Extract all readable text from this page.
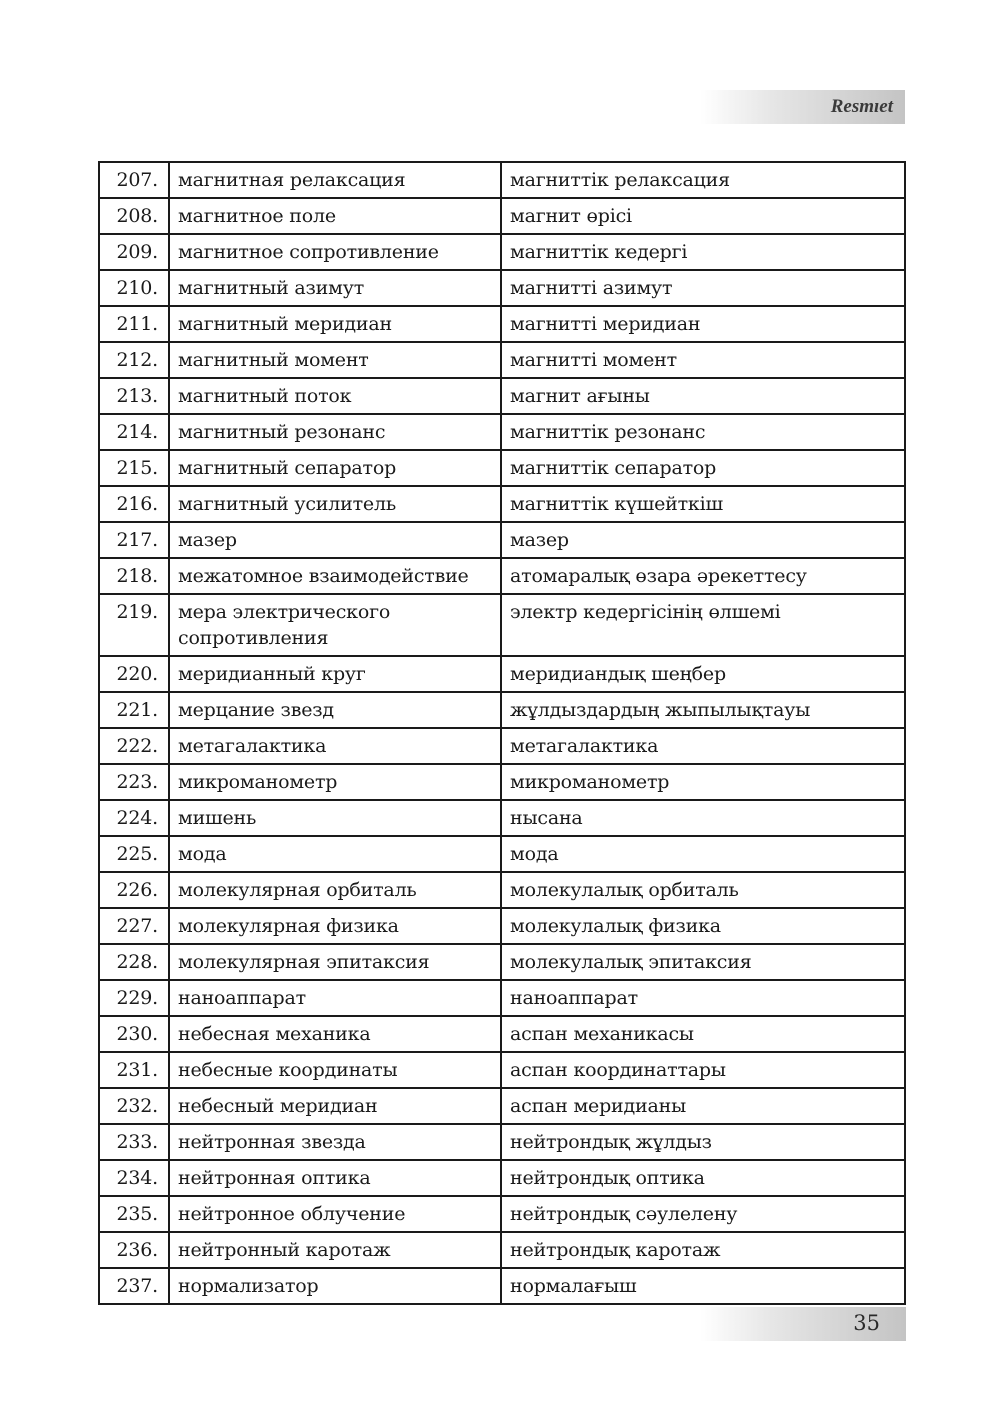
Resmıet
207.	магнитная релаксация	магниттік релаксация
208.	магнитное поле	магнит өрісі
209.	магнитное сопротивление	магниттік кедергі
210.	магнитный азимут	магнитті азимут
211.	магнитный меридиан	магнитті меридиан
212.	магнитный момент	магнитті момент
213.	магнитный поток	магнит ағыны
214.	магнитный резонанс	магниттік резонанс
215.	магнитный сепаратор	магниттік сепаратор
216.	магнитный усилитель	магниттік күшейткіш
217.	мазер	мазер
218.	межатомное взаимодействие	атомаралық өзара әрекеттесу
219.	мера электрического сопротивления	электр кедергісінің өлшемі
220.	меридианный круг	меридиандық шеңбер
221.	мерцание звезд	жұлдыздардың жыпылықтауы
222.	метагалактика	метагалактика
223.	микроманометр	микроманометр
224.	мишень	нысана
225.	мода	мода
226.	молекулярная орбиталь	молекулалық орбиталь
227.	молекулярная физика	молекулалық физика
228.	молекулярная эпитаксия	молекулалық эпитаксия
229.	наноаппарат	наноаппарат
230.	небесная механика	аспан механикасы
231.	небесные координаты	аспан координаттары
232.	небесный меридиан	аспан меридианы
233.	нейтронная звезда	нейтрондық жұлдыз
234.	нейтронная оптика	нейтрондық оптика
235.	нейтронное облучение	нейтрондық сәулелену
236.	нейтронный каротаж	нейтрондық каротаж
237.	нормализатор	нормалағыш
35
